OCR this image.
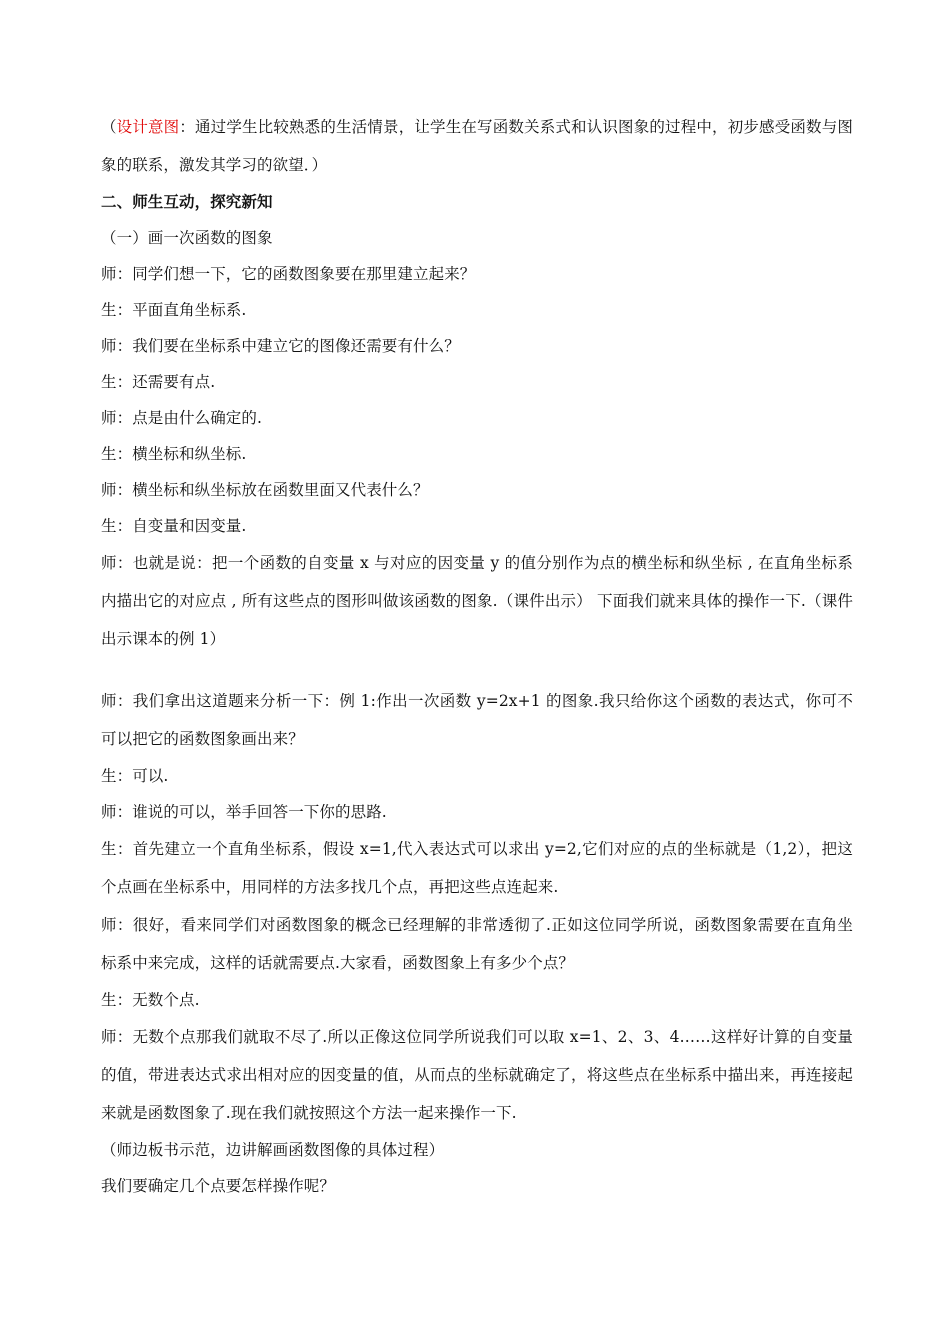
（设计意图：通过学生比较熟悉的生活情景，让学生在写函数关系式和认识图象的过程中，初步感受函数与图象的联系，激发其学习的欲望．）

二、师生互动，探究新知

（一）画一次函数的图象

师：同学们想一下，它的函数图象要在那里建立起来？

生：平面直角坐标系.

师：我们要在坐标系中建立它的图像还需要有什么？

生：还需要有点.

师：点是由什么确定的.

生：横坐标和纵坐标.

师：横坐标和纵坐标放在函数里面又代表什么？

生：自变量和因变量.

师：也就是说：把一个函数的自变量 x 与对应的因变量 y 的值分别作为点的横坐标和纵坐标 , 在直角坐标系内描出它的对应点 , 所有这些点的图形叫做该函数的图象.（课件出示） 下面我们就来具体的操作一下.（课件出示课本的例 1）

师：我们拿出这道题来分析一下：例 1:作出一次函数 y=2x+1 的图象.我只给你这个函数的表达式，你可不可以把它的函数图象画出来？

生：可以.

师：谁说的可以，举手回答一下你的思路.

生：首先建立一个直角坐标系，假设 x=1,代入表达式可以求出 y=2,它们对应的点的坐标就是（1,2），把这个点画在坐标系中，用同样的方法多找几个点，再把这些点连起来.

师：很好，看来同学们对函数图象的概念已经理解的非常透彻了.正如这位同学所说，函数图象需要在直角坐标系中来完成，这样的话就需要点.大家看，函数图象上有多少个点？

生：无数个点.

师：无数个点那我们就取不尽了.所以正像这位同学所说我们可以取 x=1、2、3、4……这样好计算的自变量的值，带进表达式求出相对应的因变量的值，从而点的坐标就确定了，将这些点在坐标系中描出来，再连接起来就是函数图象了.现在我们就按照这个方法一起来操作一下.

（师边板书示范，边讲解画函数图像的具体过程）

我们要确定几个点要怎样操作呢？
